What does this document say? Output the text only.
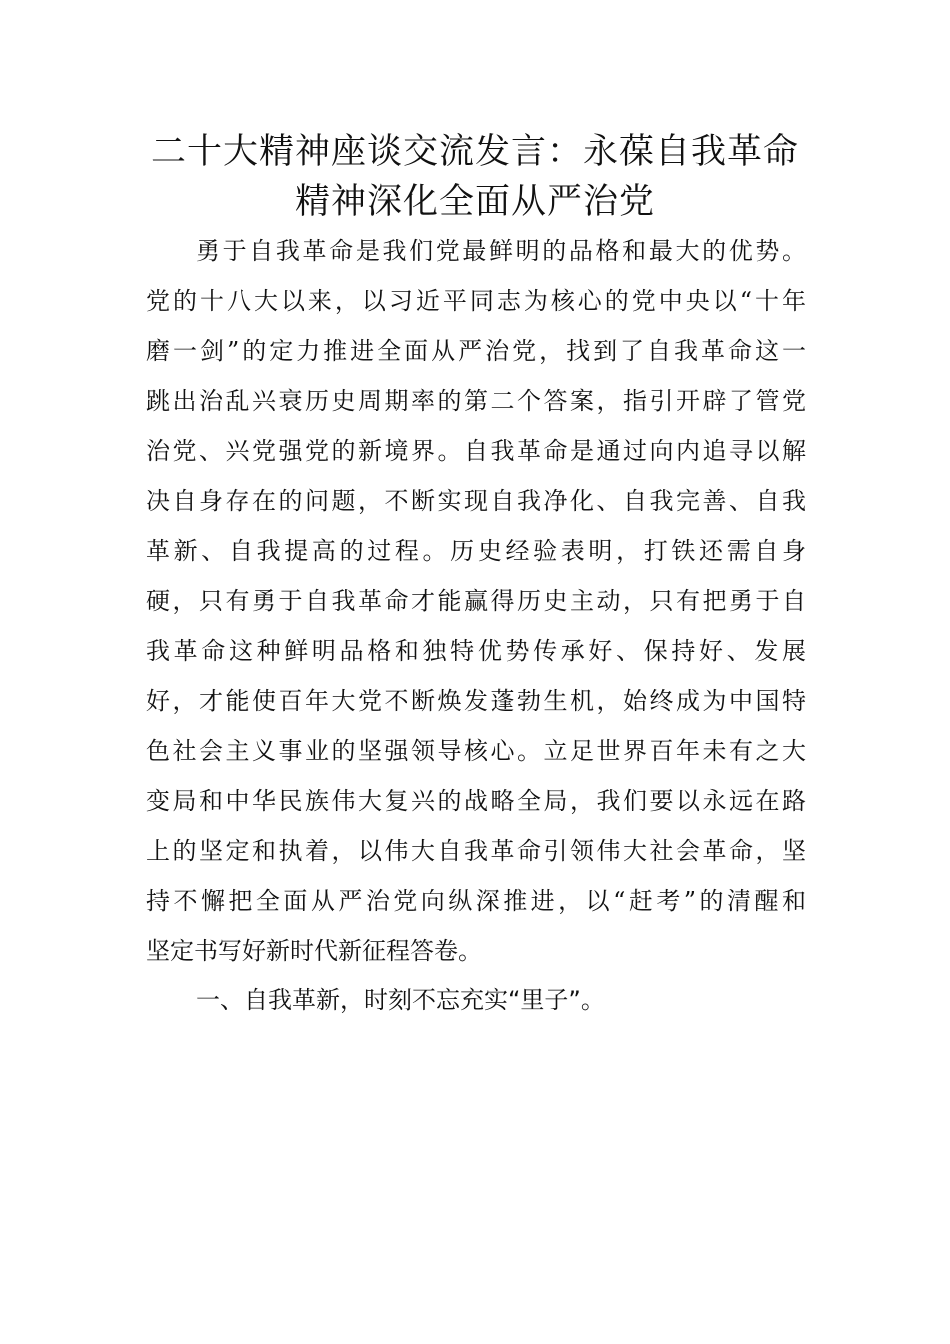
二十大精神座谈交流发言：永葆自我革命
精神深化全面从严治党
勇于自我革命是我们党最鲜明的品格和最大的优势。
党的十八大以来，以习近平同志为核心的党中央以“十年
磨一剑”的定力推进全面从严治党，找到了自我革命这一
跳出治乱兴衰历史周期率的第二个答案，指引开辟了管党
治党、兴党强党的新境界。自我革命是通过向内追寻以解
决自身存在的问题，不断实现自我净化、自我完善、自我
革新、自我提高的过程。历史经验表明，打铁还需自身
硬，只有勇于自我革命才能赢得历史主动，只有把勇于自
我革命这种鲜明品格和独特优势传承好、保持好、发展
好，才能使百年大党不断焕发蓬勃生机，始终成为中国特
色社会主义事业的坚强领导核心。立足世界百年未有之大
变局和中华民族伟大复兴的战略全局，我们要以永远在路
上的坚定和执着，以伟大自我革命引领伟大社会革命，坚
持不懈把全面从严治党向纵深推进，以“赶考”的清醒和
坚定书写好新时代新征程答卷。
一、自我革新，时刻不忘充实“里子”。
